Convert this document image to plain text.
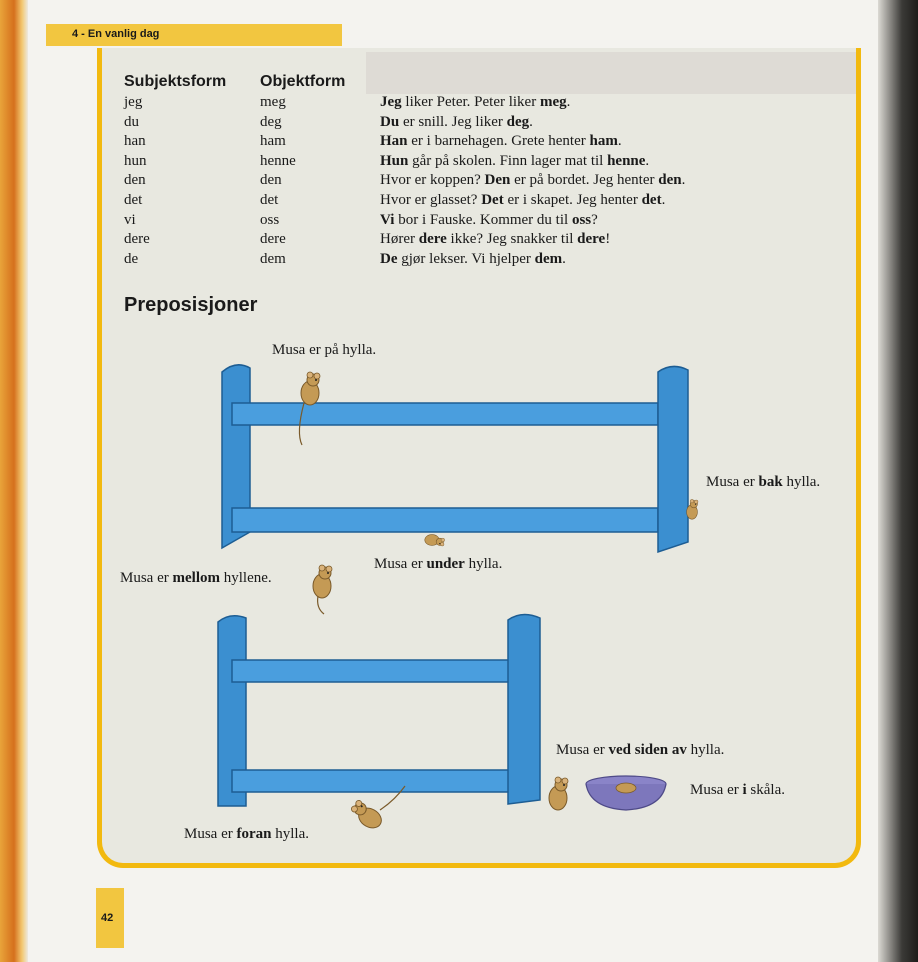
4 - En vanlig dag
Subjektsform Objektform
jeg
du
han
hun
den
det
vi
dere
de
meg
deg
ham
henne
den
det
oss
dere
dem
Jeg liker Peter. Peter liker meg.
Du er snill. Jeg liker deg.
Han er i barnehagen. Grete henter ham.
Hun går på skolen. Finn lager mat til henne.
Hvor er koppen? Den er på bordet. Jeg henter den.
Hvor er glasset? Det er i skapet. Jeg henter det.
Vi bor i Fauske. Kommer du til oss?
Hører dere ikke? Jeg snakker til dere!
De gjør lekser. Vi hjelper dem.
Preposisjoner
Musa er på hylla.
Musa er bak hylla.
Musa er under hylla.
Musa er mellom hyllene.
Musa er ved siden av hylla.
Musa er i skåla.
Musa er foran hylla.
42
